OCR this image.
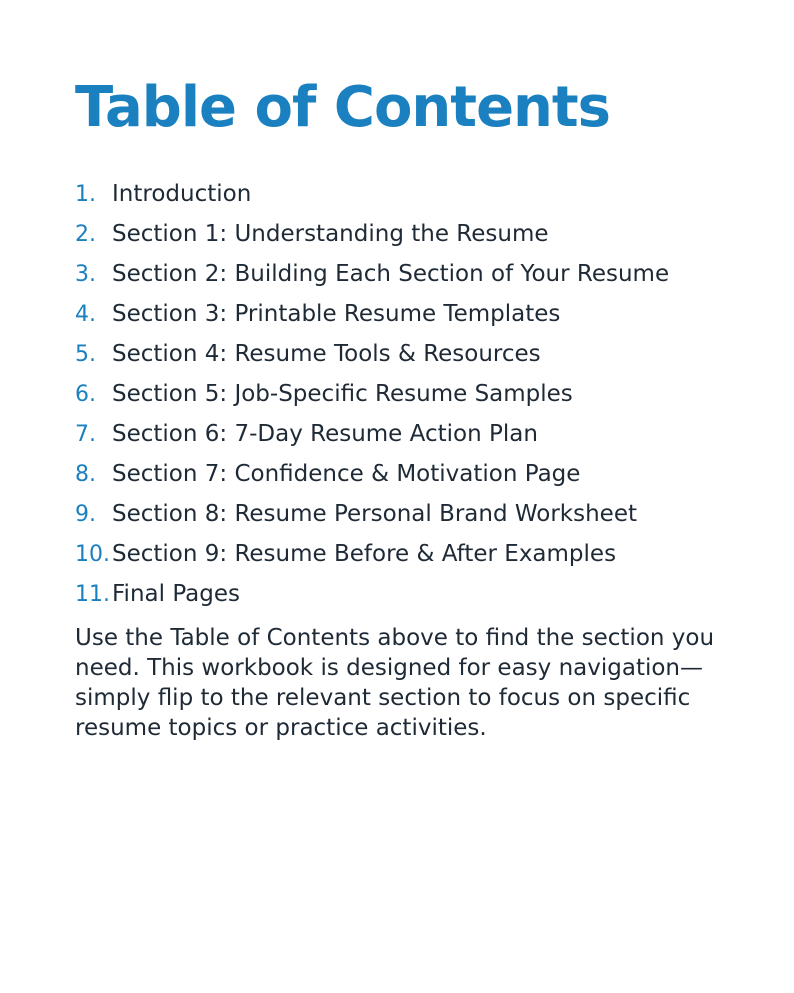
Table of Contents
1. Introduction
2. Section 1: Understanding the Resume
3. Section 2: Building Each Section of Your Resume
4. Section 3: Printable Resume Templates
5. Section 4: Resume Tools & Resources
6. Section 5: Job-Specific Resume Samples
7. Section 6: 7-Day Resume Action Plan
8. Section 7: Confidence & Motivation Page
9. Section 8: Resume Personal Brand Worksheet
10. Section 9: Resume Before & After Examples
11. Final Pages

Use the Table of Contents above to find the section you need. This workbook is designed for easy navigation—simply flip to the relevant section to focus on specific resume topics or practice activities.
